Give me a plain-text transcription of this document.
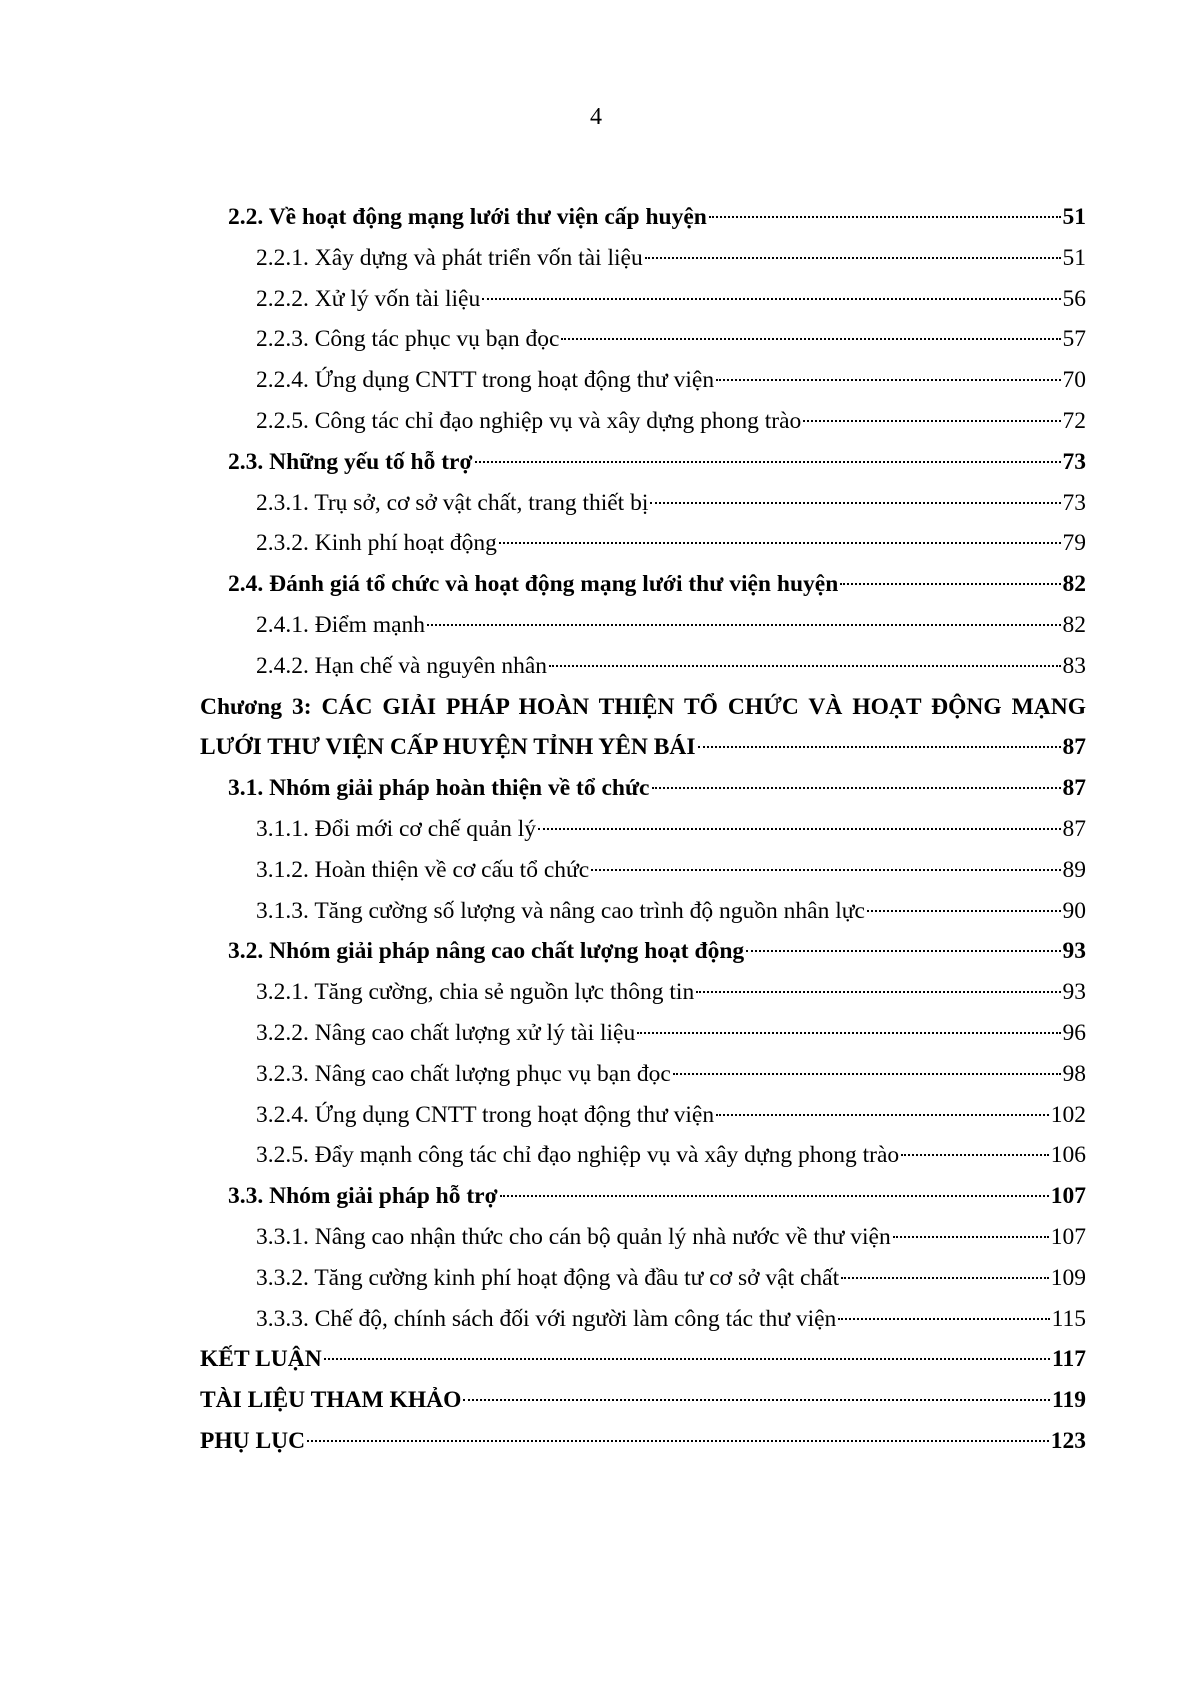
4
2.2. Về hoạt động mạng lưới thư viện cấp huyện	51
2.2.1. Xây dựng và phát triển vốn tài liệu	51
2.2.2. Xử lý vốn tài liệu	56
2.2.3. Công tác phục vụ bạn đọc	57
2.2.4. Ứng dụng CNTT trong hoạt động thư viện	70
2.2.5. Công tác chỉ đạo nghiệp vụ và xây dựng phong trào	72
2.3. Những yếu tố hỗ trợ	73
2.3.1. Trụ sở, cơ sở vật chất, trang thiết bị	73
2.3.2. Kinh phí hoạt động	79
2.4. Đánh giá tổ chức và hoạt động mạng lưới thư viện huyện	82
2.4.1. Điểm mạnh	82
2.4.2. Hạn chế và nguyên nhân	83
Chương 3: CÁC GIẢI PHÁP HOÀN THIỆN TỔ CHỨC VÀ HOẠT ĐỘNG MẠNG
LƯỚI THƯ VIỆN CẤP HUYỆN TỈNH YÊN BÁI	87
3.1. Nhóm giải pháp hoàn thiện về tổ chức	87
3.1.1. Đổi mới cơ chế quản lý	87
3.1.2. Hoàn thiện về cơ cấu tổ chức	89
3.1.3. Tăng cường số lượng và nâng cao trình độ nguồn nhân lực	90
3.2. Nhóm giải pháp nâng cao chất lượng hoạt động	93
3.2.1. Tăng cường, chia sẻ nguồn lực thông tin	93
3.2.2. Nâng cao chất lượng xử lý tài liệu	96
3.2.3. Nâng cao chất lượng phục vụ bạn đọc	98
3.2.4. Ứng dụng CNTT trong hoạt động thư viện	102
3.2.5. Đẩy mạnh công tác chỉ đạo nghiệp vụ và xây dựng phong trào	106
3.3. Nhóm giải pháp hỗ trợ	107
3.3.1. Nâng cao nhận thức cho cán bộ quản lý nhà nước về thư viện	107
3.3.2. Tăng cường kinh phí hoạt động và đầu tư cơ sở vật chất	109
3.3.3. Chế độ, chính sách đối với người làm công tác thư viện	115
KẾT LUẬN	117
TÀI LIỆU THAM KHẢO	119
PHỤ LỤC	123
